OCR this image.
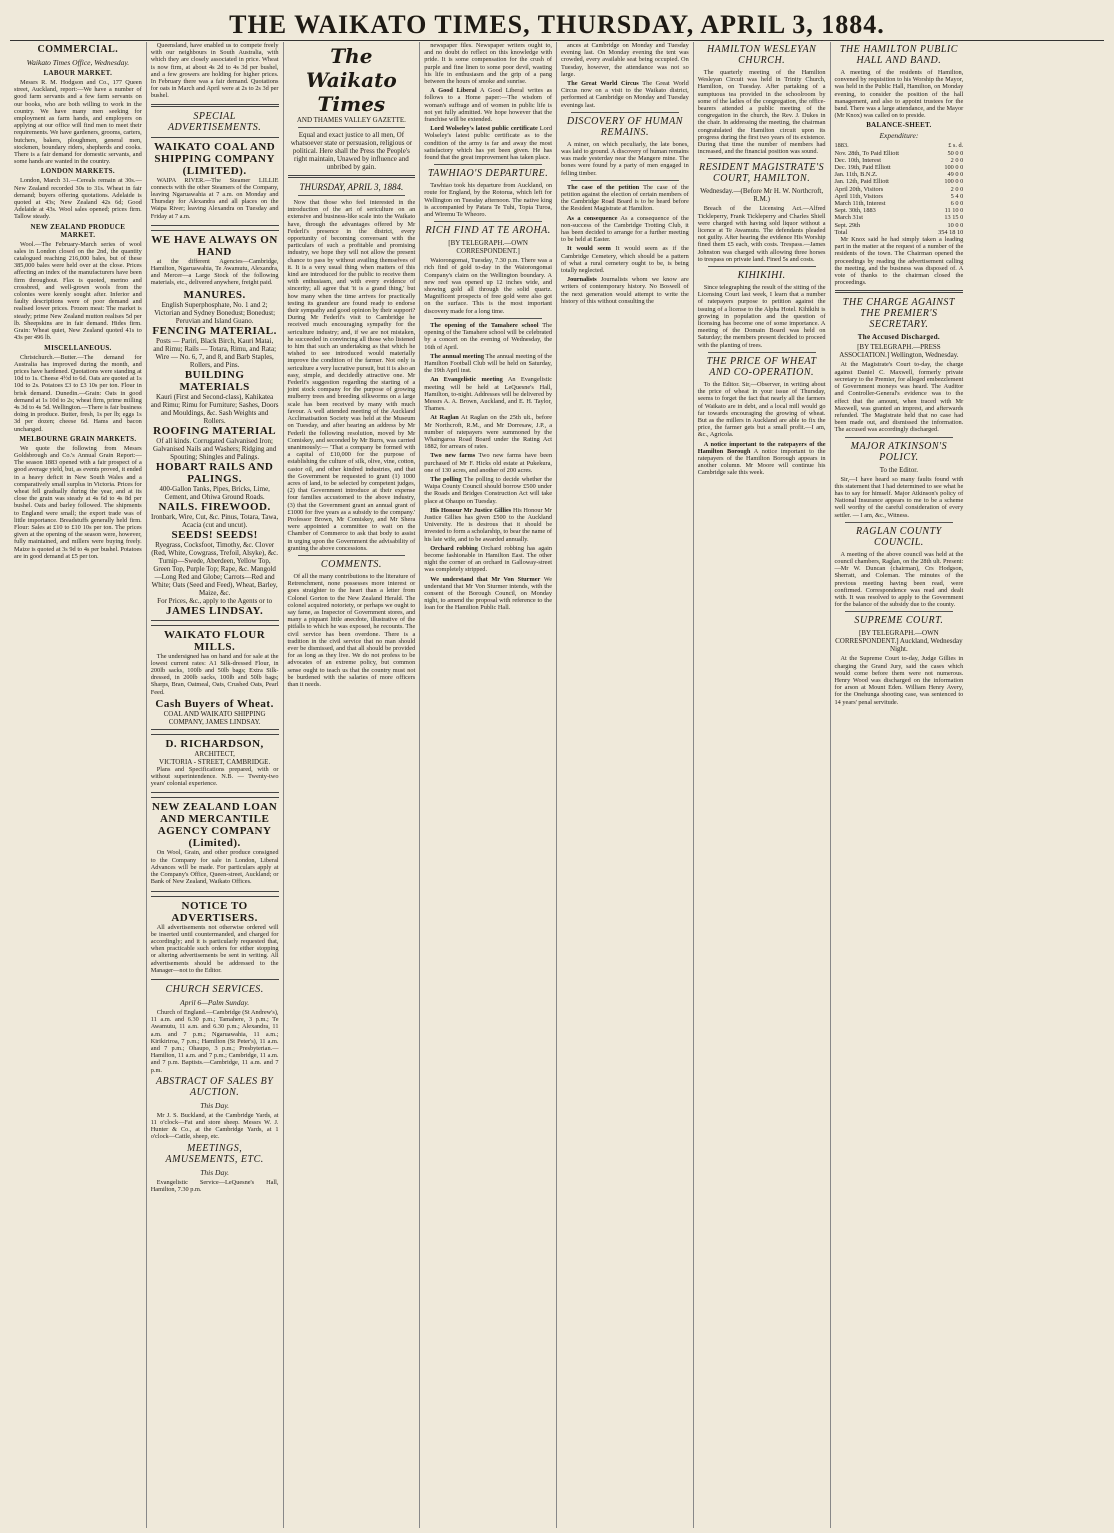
THE WAIKATO TIMES, THURSDAY, APRIL 3, 1884.
COMMERCIAL.
Waikato Times Office, Wednesday.
LABOUR MARKET.

Messrs R. M. Hodgson and Co., 177 Queen street, Auckland, report:—We have a number of good farm servants and a few farm servants on our books, who are both willing to work in the country. We have many men seeking for employment as farm hands, and employers on applying at our office will find men to meet their requirements. We have gardeners, grooms, carters, butchers, bakers, ploughmen, general men, stockmen, boundary riders, shepherds and cooks. There is a fair demand for domestic servants, and some hands are wanted in the country.

LONDON MARKETS.

London, March 31.—Cereals remain at 30s.—New Zealand recorded 30s to 31s. Wheat in fair demand; buyers offering quotations. Adelaide is quoted at 43s; New Zealand 42s 6d; Good Adelaide at 43s. Wool sales opened; prices firm. Tallow steady.

NEW ZEALAND PRODUCE MARKET.

Wool.—The February-March series of wool sales in London closed on the 2nd, the quantity catalogued reaching 216,000 bales, but of these 385,000 bales were held over at the close. Prices affecting an index of the manufacturers have been firm throughout. Flax is quoted, merino and crossbred, and well-grown wools from the colonies were keenly sought after. Inferior and faulty descriptions were of poor demand and realised lower prices. Frozen meat: The market is steady; prime New Zealand mutton realises 5d per lb. Sheepskins are in fair demand. Hides firm. Grain: Wheat quiet, New Zealand quoted 41s to 43s per 496 lb.

MISCELLANEOUS.

Christchurch.—Butter.—The demand for Australia has improved during the month, and prices have hardened. Quotations were standing at 10d to 1s. Cheese 4½d to 6d. Oats are quoted at 1s 10d to 2s. Potatoes £3 to £3 10s per ton. Flour in brisk demand. Dunedin.—Grain: Oats in good demand at 1s 10d to 2s; wheat firm, prime milling 4s 3d to 4s 5d. Wellington.—There is fair business doing in produce. Butter, fresh, 1s per lb; eggs 1s 3d per dozen; cheese 6d. Hams and bacon unchanged.

MELBOURNE GRAIN MARKETS.

We quote the following from Messrs Goldsbrough and Co.'s Annual Grain Report:—The season 1883 opened with a fair prospect of a good average yield, but, as events proved, it ended in a heavy deficit in New South Wales and a comparatively small surplus in Victoria. Prices for wheat fell gradually during the year, and at its close the grain was steady at 4s 6d to 4s 8d per bushel. Oats and barley followed. The shipments to England were small; the export trade was of little importance. Breadstuffs generally held firm. Flour: Sales at £10 to £10 10s per ton. The prices given at the opening of the season were, however, fully maintained, and millers were buying freely. Maize is quoted at 3s 9d to 4s per bushel. Potatoes are in good demand at £5 per ton.

Queensland, have enabled us to compete freely with our neighbours in South Australia, with which they are closely associated in price. Wheat is now firm, at about 4s 2d to 4s 3d per bushel, and a few growers are holding for higher prices. In February there was a fair demand. Quotations for oats in March and April were at 2s to 2s 3d per bushel.

SPECIAL ADVERTISEMENTS.
WAIKATO COAL AND SHIPPING COMPANY (LIMITED).

WAIPA RIVER.—The Steamer LILLIE connects with the other Steamers of the Company, leaving Ngaruawahia at 7 a.m. on Monday and Thursday for Alexandra and all places on the Waipa River; leaving Alexandra on Tuesday and Friday at 7 a.m.

WE HAVE ALWAYS ON HAND

at the different Agencies—Cambridge, Hamilton, Ngaruawahia, Te Awamutu, Alexandra, and Mercer—a Large Stock of the following materials, etc., delivered anywhere, freight paid.

MANURES.
English Superphosphate, No. 1 and 2; Victorian and Sydney Bonedust; Bonedust; Peruvian and Island Guano.
FENCING MATERIAL.
Posts — Pariri, Black Birch, Kauri Matai, and Rimu; Rails — Totara, Rimu, and Rata; Wire — No. 6, 7, and 8, and Barb Staples, Rollers, and Pins.
BUILDING MATERIALS
Kauri (First and Second-class), Kahikatea and Rimu; Rimu for Furniture; Sashes, Doors and Mouldings, &c. Sash Weights and Rollers.
ROOFING MATERIAL
Of all kinds. Corrugated Galvanised Iron; Galvanised Nails and Washers; Ridging and Spouting; Shingles and Palings.
HOBART RAILS AND PALINGS.
400-Gallon Tanks, Pipes, Bricks, Lime, Cement, and Ohiwa Ground Roads.
NAILS. FIREWOOD.
Ironbark, Wire, Cut, &c. Pinus, Totara, Tawa, Acacia (cut and uncut).
SEEDS! SEEDS!
Ryegrass, Cocksfoot, Timothy, &c. Clover (Red, White, Cowgrass, Trefoil, Alsyke), &c. Turnip—Swede, Aberdeen, Yellow Top, Green Top, Purple Top; Rape, &c. Mangold—Long Red and Globe; Carrots—Red and White; Oats (Seed and Feed), Wheat, Barley, Maize, &c.
For Prices, &c., apply to the Agents or to
JAMES LINDSAY.
WAIKATO FLOUR MILLS.

The undersigned has on hand and for sale at the lowest current rates: A1 Silk-dressed Flour, in 200lb sacks, 100lb and 50lb bags; Extra Silk-dressed, in 200lb sacks, 100lb and 50lb bags; Sharps, Bran, Oatmeal, Oats, Crushed Oats, Pearl Feed.

Cash Buyers of Wheat.
COAL AND WAIKATO SHIPPING COMPANY, JAMES LINDSAY.
D. RICHARDSON,
ARCHITECT,
VICTORIA - STREET, CAMBRIDGE.

Plans and Specifications prepared, with or without superintendence. N.B. — Twenty-two years' colonial experience.

NEW ZEALAND LOAN AND MERCANTILE AGENCY COMPANY (Limited).

On Wool, Grain, and other produce consigned to the Company for sale in London, Liberal Advances will be made. For particulars apply at the Company's Office, Queen-street, Auckland; or Bank of New Zealand, Waikato Offices.

NOTICE TO ADVERTISERS.

All advertisements not otherwise ordered will be inserted until countermanded, and charged for accordingly; and it is particularly requested that, when practicable such orders for either stopping or altering advertisements be sent in writing. All advertisements should be addressed to the Manager—not to the Editor.

CHURCH SERVICES.
April 6—Palm Sunday.

Church of England.—Cambridge (St Andrew's), 11 a.m. and 6.30 p.m.; Tamahere, 3 p.m.; Te Awamutu, 11 a.m. and 6.30 p.m.; Alexandra, 11 a.m. and 7 p.m.; Ngaruawahia, 11 a.m.; Kirikiriroa, 7 p.m.; Hamilton (St Peter's), 11 a.m. and 7 p.m.; Ohaupo, 3 p.m.; Presbyterian.—Hamilton, 11 a.m. and 7 p.m.; Cambridge, 11 a.m. and 7 p.m. Baptists.—Cambridge, 11 a.m. and 7 p.m.

ABSTRACT OF SALES BY AUCTION.
This Day.

Mr J. S. Buckland, at the Cambridge Yards, at 11 o'clock—Fat and store sheep. Messrs W. J. Hunter & Co., at the Cambridge Yards, at 1 o'clock—Cattle, sheep, etc.

MEETINGS, AMUSEMENTS, ETC.
This Day.

Evangelistic Service—LeQuesne's Hall, Hamilton, 7.30 p.m.

The Waikato Times
AND THAMES VALLEY GAZETTE.
Equal and exact justice to all men, Of whatsoever state or persuasion, religious or political. Here shall the Press the People's right maintain, Unawed by influence and unbribed by gain.
THURSDAY, APRIL 3, 1884.

Now that those who feel interested in the introduction of the art of sericulture on an extensive and business-like scale into the Waikato have, through the advantages offered by Mr Federli's presence in the district, every opportunity of becoming conversant with the particulars of such a profitable and promising industry, we hope they will not allow the present chance to pass by without availing themselves of it. It is a very usual thing when matters of this kind are introduced for the public to receive them with enthusiasm, and with every evidence of sincerity; all agree that 'it is a grand thing,' but how many when the time arrives for practically testing its grandeur are found ready to endorse their sympathy and good opinion by their support? During Mr Federli's visit to Cambridge he received much encouraging sympathy for the sericulture industry; and, if we are not mistaken, he succeeded in convincing all those who listened to him that such an undertaking as that which he wished to see introduced would materially improve the condition of the farmer. Not only is sericulture a very lucrative pursuit, but it is also an easy, simple, and decidedly attractive one. Mr Federli's suggestion regarding the starting of a joint stock company for the purpose of growing mulberry trees and breeding silkworms on a large scale has been received by many with much favour. A well attended meeting of the Auckland Acclimatisation Society was held at the Museum on Tuesday, and after hearing an address by Mr Federli the following resolution, moved by Mr Comiskey, and seconded by Mr Burrs, was carried unanimously:— 'That a company be formed with a capital of £10,000 for the purpose of establishing the culture of silk, olive, vine, cotton, castor oil, and other kindred industries, and that the Government be requested to grant (1) 1000 acres of land, to be selected by competent judges, (2) that Government introduce at their expense four families accustomed to the above industry, (3) that the Government grant an annual grant of £1000 for five years as a subsidy to the company.' Professor Brown, Mr Comiskey, and Mr Shera were appointed a committee to wait on the Chamber of Commerce to ask that body to assist in urging upon the Government the advisability of granting the above concessions.

COMMENTS.

Of all the many contributions to the literature of Retrenchment, none possesses more interest or goes straighter to the heart than a letter from Colonel Gorton to the New Zealand Herald. The colonel acquired notoriety, or perhaps we ought to say fame, as Inspector of Government stores, and many a piquant little anecdote, illustrative of the pitfalls to which he was exposed, he recounts. The civil service has been overdone. There is a tradition in the civil service that no man should ever be dismissed, and that all should be provided for as long as they live. We do not profess to be advocates of an extreme policy, but common sense ought to teach us that the country must not be burdened with the salaries of more officers than it needs.

newspaper files. Newspaper writers ought to, and no doubt do reflect on this knowledge with pride. It is some compensation for the crush of purple and fine linen to some poor devil, wasting his life in enthusiasm and the grip of a pang between the hours of smoke and sunrise.

A Good Liberal A Good Liberal writes as follows to a Home paper:—The wisdom of woman's suffrage and of women in public life is not yet fully admitted. We hope however that the franchise will be extended.

Lord Wolseley's latest public certificate Lord Wolseley's latest public certificate as to the condition of the army is far and away the most satisfactory which has yet been given. He has found that the great improvement has taken place.

TAWHIAO'S DEPARTURE.

Tawhiao took his departure from Auckland, on route for England, by the Rotorua, which left for Wellington on Tuesday afternoon. The native king is accompanied by Patara Te Tuhi, Topia Turoa, and Wiremu Te Wheoro.

RICH FIND AT TE AROHA.
[BY TELEGRAPH.—OWN CORRESPONDENT.]

Waiorongomai, Tuesday, 7.30 p.m. There was a rich find of gold to-day in the Waiorongomai Company's claim on the Wellington boundary. A new reef was opened up 12 inches wide, and showing gold all through the solid quartz. Magnificent prospects of free gold were also got on the surface. This is the most important discovery made for a long time.

The opening of the Tamahere school The opening of the Tamahere school will be celebrated by a concert on the evening of Wednesday, the 16th of April.

The annual meeting The annual meeting of the Hamilton Football Club will be held on Saturday, the 19th April inst.

An Evangelistic meeting An Evangelistic meeting will be held at LeQuesne's Hall, Hamilton, to-night. Addresses will be delivered by Messrs A. A. Brown, Auckland, and E. H. Taylor, Thames.

At Raglan At Raglan on the 25th ult., before Mr Northcroft, R.M., and Mr Dorresaw, J.P., a number of ratepayers were summoned by the Whaingaroa Road Board under the Rating Act 1882, for arrears of rates.

Two new farms Two new farms have been purchased of Mr F. Hicks old estate at Pukekura, one of 130 acres, and another of 200 acres.

The polling The polling to decide whether the Waipa County Council should borrow £500 under the Roads and Bridges Construction Act will take place at Ohaupo on Tuesday.

His Honour Mr Justice Gillies His Honour Mr Justice Gillies has given £500 to the Auckland University. He is desirous that it should be invested to form a scholarship, to bear the name of his late wife, and to be awarded annually.

Orchard robbing Orchard robbing has again become fashionable in Hamilton East. The other night the corner of an orchard in Galloway-street was completely stripped.

We understand that Mr Von Sturmer We understand that Mr Von Sturmer intends, with the consent of the Borough Council, on Monday night, to amend the proposal with reference to the loan for the Hamilton Public Hall.

ances at Cambridge on Monday and Tuesday evening last. On Monday evening the tent was crowded, every available seat being occupied. On Tuesday, however, the attendance was not so large.

The Great World Circus The Great World Circus now on a visit to the Waikato district, performed at Cambridge on Monday and Tuesday evenings last.

DISCOVERY OF HUMAN REMAINS.

A miner, on which peculiarly, the late bones, was laid to ground. A discovery of human remains was made yesterday near the Mangere mine. The bones were found by a party of men engaged in felling timber.

The case of the petition The case of the petition against the election of certain members of the Cambridge Road Board is to be heard before the Resident Magistrate at Hamilton.

As a consequence As a consequence of the non-success of the Cambridge Trotting Club, it has been decided to arrange for a further meeting to be held at Easter.

It would seem It would seem as if the Cambridge Cemetery, which should be a pattern of what a rural cemetery ought to be, is being totally neglected.

Journalists Journalists whom we know are writers of contemporary history. No Boswell of the next generation would attempt to write the history of this without consulting the

HAMILTON WESLEYAN CHURCH.

The quarterly meeting of the Hamilton Wesleyan Circuit was held in Trinity Church, Hamilton, on Tuesday. After partaking of a sumptuous tea provided in the schoolroom by some of the ladies of the congregation, the office-bearers attended a public meeting of the congregation in the church, the Rev. J. Dukes in the chair. In addressing the meeting, the chairman congratulated the Hamilton circuit upon its progress during the first two years of its existence. During that time the number of members had increased, and the financial position was sound.

RESIDENT MAGISTRATE'S COURT, HAMILTON.
Wednesday.—(Before Mr H. W. Northcroft, R.M.)

Breach of the Licensing Act.—Alfred Tickleperry, Frank Tickleperry and Charles Shiell were charged with having sold liquor without a licence at Te Awamutu. The defendants pleaded not guilty. After hearing the evidence His Worship fined them £5 each, with costs. Trespass.—James Johnston was charged with allowing three horses to trespass on private land. Fined 5s and costs.

KIHIKIHI.

Since telegraphing the result of the sitting of the Licensing Court last week, I learn that a number of ratepayers purpose to petition against the issuing of a license to the Alpha Hotel. Kihikihi is growing in population and the question of licensing has become one of some importance. A meeting of the Domain Board was held on Saturday; the members present decided to proceed with the planting of trees.

THE PRICE OF WHEAT AND CO-OPERATION.

To the Editor. Sir,—Observer, in writing about the price of wheat in your issue of Thursday, seems to forget the fact that nearly all the farmers of Waikato are in debt, and a local mill would go far towards encouraging the growing of wheat. But as the millers in Auckland are able to fix the price, the farmer gets but a small profit.—I am, &c., Agricola.

A notice important to the ratepayers of the Hamilton Borough A notice important to the ratepayers of the Hamilton Borough appears in another column. Mr Moore will continue his Cambridge sale this week.

THE HAMILTON PUBLIC HALL AND BAND.

A meeting of the residents of Hamilton, convened by requisition to his Worship the Mayor, was held in the Public Hall, Hamilton, on Monday evening, to consider the position of the hall management, and also to appoint trustees for the band. There was a large attendance, and the Mayor (Mr Knox) was called on to preside.

BALANCE-SHEET.
Expenditure:
1883.	£ s. d.
Nov. 28th, To Paid Elliott	50 0 0
Dec. 10th, Interest	2 0 0
Dec. 19th, Paid Elliott	100 0 0
Jan. 11th, B.N.Z.	49 0 0
Jan. 12th, Paid Elliott	100 0 0
April 20th, Visitors	2 0 0
April 11th, Visitors	5 4 0
March 11th, Interest	6 0 0
Sept. 30th, 1883	11 10 0
March 31st	13 15 0
Sept. 29th	10 0 0
Total	354 18 10

Mr Knox said he had simply taken a leading part in the matter at the request of a number of the residents of the town. The Chairman opened the proceedings by reading the advertisement calling the meeting, and the business was disposed of. A vote of thanks to the chairman closed the proceedings.

THE CHARGE AGAINST THE PREMIER'S SECRETARY.
The Accused Discharged.
[BY TELEGRAPH.—PRESS ASSOCIATION.] Wellington, Wednesday.

At the Magistrate's Court to-day, the charge against Daniel C. Maxwell, formerly private secretary to the Premier, for alleged embezzlement of Government moneys was heard. The Auditor and Controller-General's evidence was to the effect that the amount, when traced with Mr Maxwell, was granted an imprest, and afterwards refunded. The Magistrate held that no case had been made out, and dismissed the information. The accused was accordingly discharged.

MAJOR ATKINSON'S POLICY.
To the Editor.

Sir,—I have heard so many faults found with this statement that I had determined to see what he has to say for himself. Major Atkinson's policy of National Insurance appears to me to be a scheme well worthy of the careful consideration of every settler. — I am, &c., Witness.

RAGLAN COUNTY COUNCIL.

A meeting of the above council was held at the council chambers, Raglan, on the 28th ult. Present:—Mr W. Duncan (chairman), Crs Hodgson, Sherratt, and Coleman. The minutes of the previous meeting having been read, were confirmed. Correspondence was read and dealt with. It was resolved to apply to the Government for the balance of the subsidy due to the county.

SUPREME COURT.
[BY TELEGRAPH.—OWN CORRESPONDENT.] Auckland, Wednesday Night.

At the Supreme Court to-day, Judge Gillies in charging the Grand Jury, said the cases which would come before them were not numerous. Henry Wood was discharged on the information for arson at Mount Eden. William Henry Avery, for the Onehunga shooting case, was sentenced to 14 years' penal servitude.
